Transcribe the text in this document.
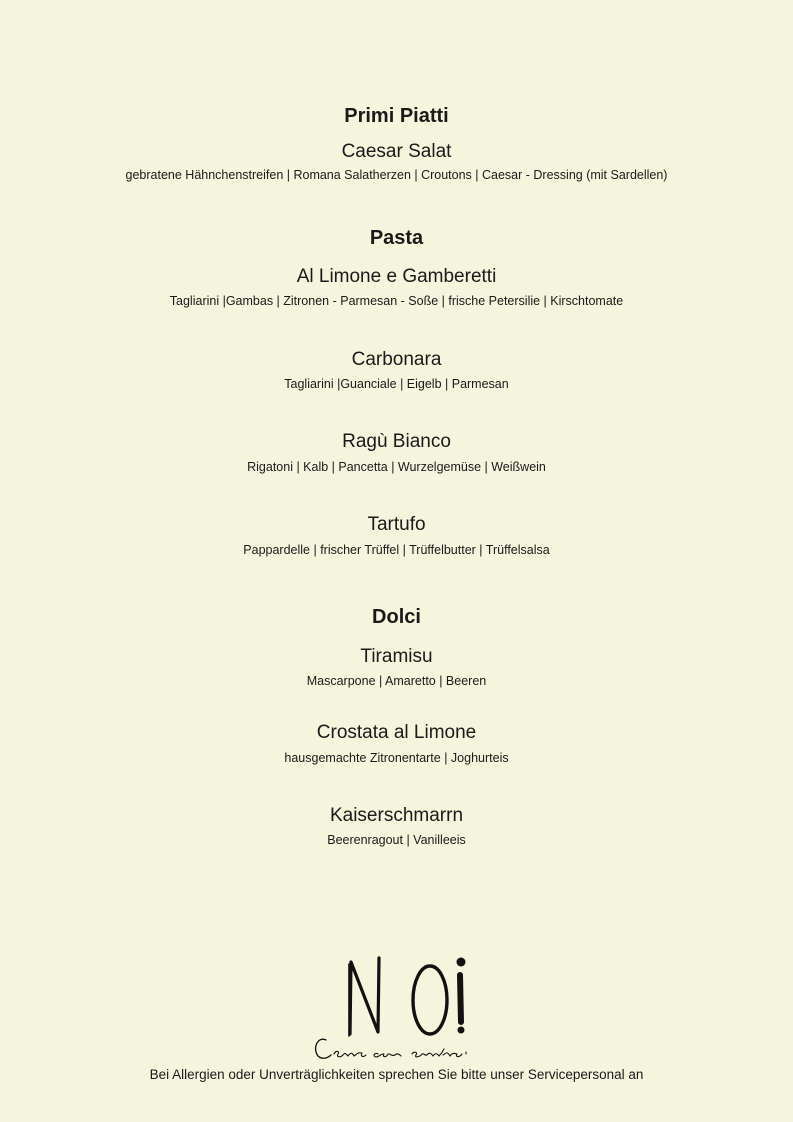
Primi Piatti
Caesar Salat
gebratene Hähnchenstreifen | Romana Salatherzen | Croutons | Caesar - Dressing (mit Sardellen)
Pasta
Al Limone e Gamberetti
Tagliarini |Gambas | Zitronen - Parmesan - Soße | frische Petersilie | Kirschtomate
Carbonara
Tagliarini |Guanciale | Eigelb | Parmesan
Ragù Bianco
Rigatoni | Kalb | Pancetta | Wurzelgemüse | Weißwein
Tartufo
Pappardelle | frischer Trüffel | Trüffelbutter | Trüffelsalsa
Dolci
Tiramisu
Mascarpone | Amaretto | Beeren
Crostata al Limone
hausgemachte Zitronentarte | Joghurteis
Kaiserschmarrn
Beerenragout | Vanilleeis
Bei Allergien oder Unverträglichkeiten sprechen Sie bitte unser Servicepersonal an
